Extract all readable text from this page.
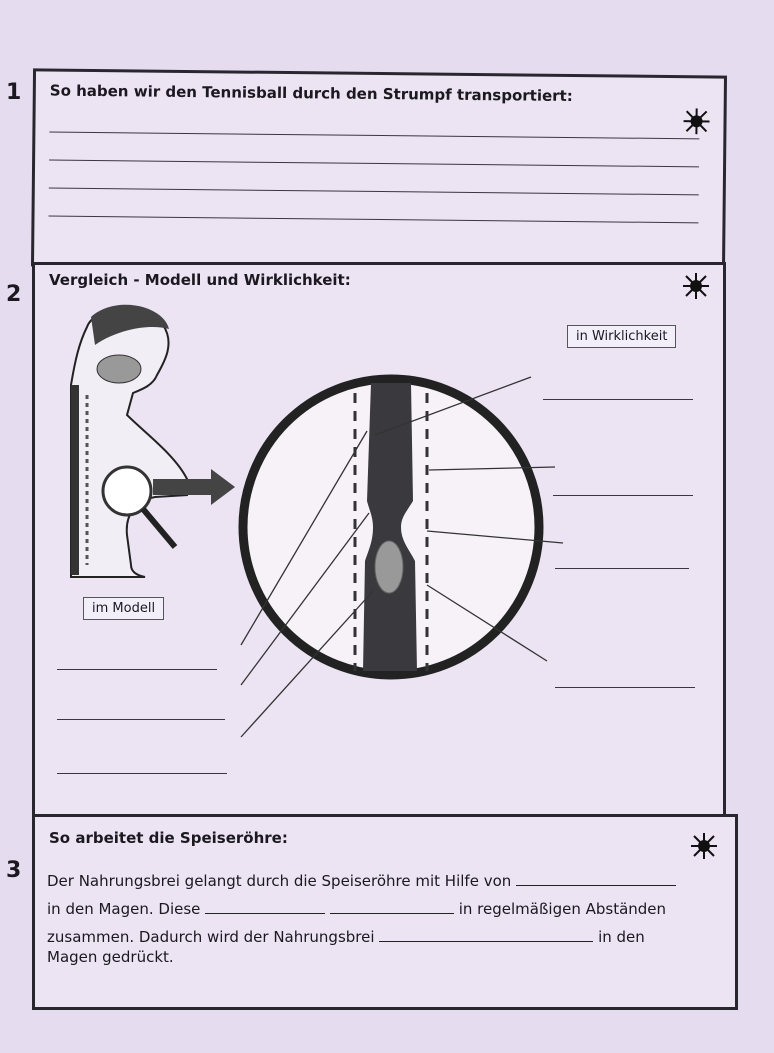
1
2
3
So haben wir den Tennisball durch den Strumpf transportiert:
Vergleich - Modell und Wirklichkeit:
in Wirklichkeit
im Modell
So arbeitet die Speiseröhre:
Der Nahrungsbrei gelangt durch die Speiseröhre mit Hilfe von
in den Magen. Diese	in regelmäßigen Abständen
zusammen. Dadurch wird der Nahrungsbrei	in den
Magen gedrückt.
